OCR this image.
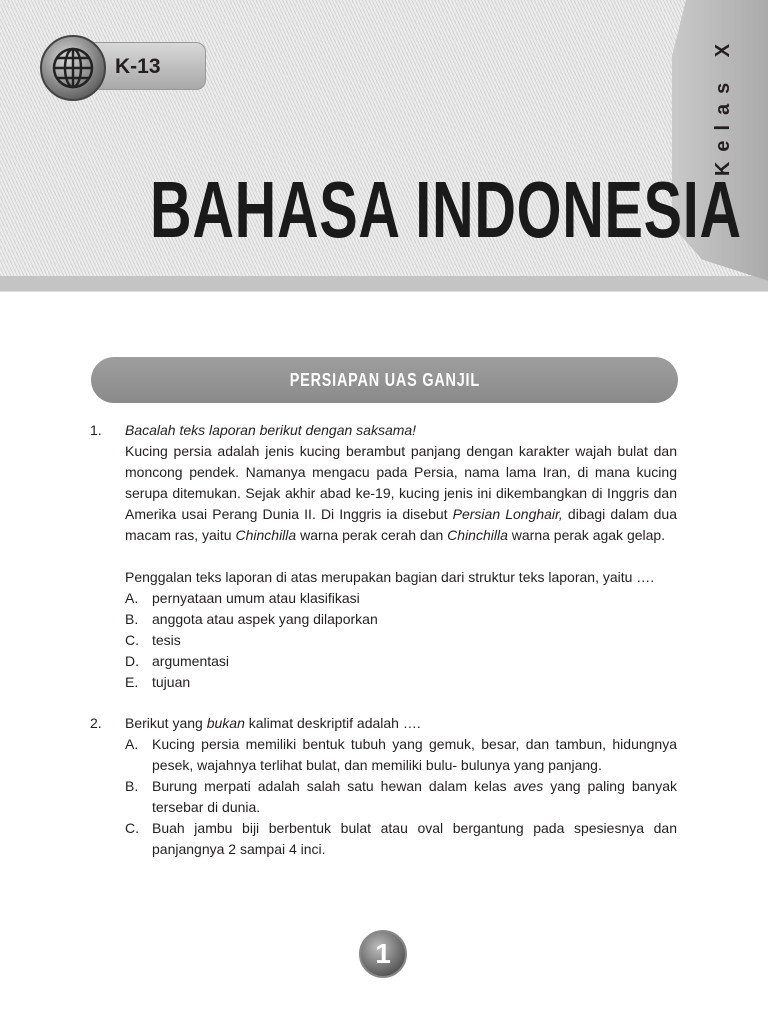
Kelas X
K-13
BAHASA INDONESIA
PERSIAPAN UAS GANJIL
1. Bacalah teks laporan berikut dengan saksama!
Kucing persia adalah jenis kucing berambut panjang dengan karakter wajah bulat dan moncong pendek. Namanya mengacu pada Persia, nama lama Iran, di mana kucing serupa ditemukan. Sejak akhir abad ke-19, kucing jenis ini dikembangkan di Inggris dan Amerika usai Perang Dunia II. Di Inggris ia disebut Persian Longhair, dibagi dalam dua macam ras, yaitu Chinchilla warna perak cerah dan Chinchilla warna perak agak gelap.
Penggalan teks laporan di atas merupakan bagian dari struktur teks laporan, yaitu ….
A. pernyataan umum atau klasifikasi
B. anggota atau aspek yang dilaporkan
C. tesis
D. argumentasi
E. tujuan
2. Berikut yang bukan kalimat deskriptif adalah ….
A. Kucing persia memiliki bentuk tubuh yang gemuk, besar, dan tambun, hidungnya pesek, wajahnya terlihat bulat, dan memiliki bulu- bulunya yang panjang.
B. Burung merpati adalah salah satu hewan dalam kelas aves yang paling banyak tersebar di dunia.
C. Buah jambu biji berbentuk bulat atau oval bergantung pada spesiesnya dan panjangnya 2 sampai 4 inci.
1
